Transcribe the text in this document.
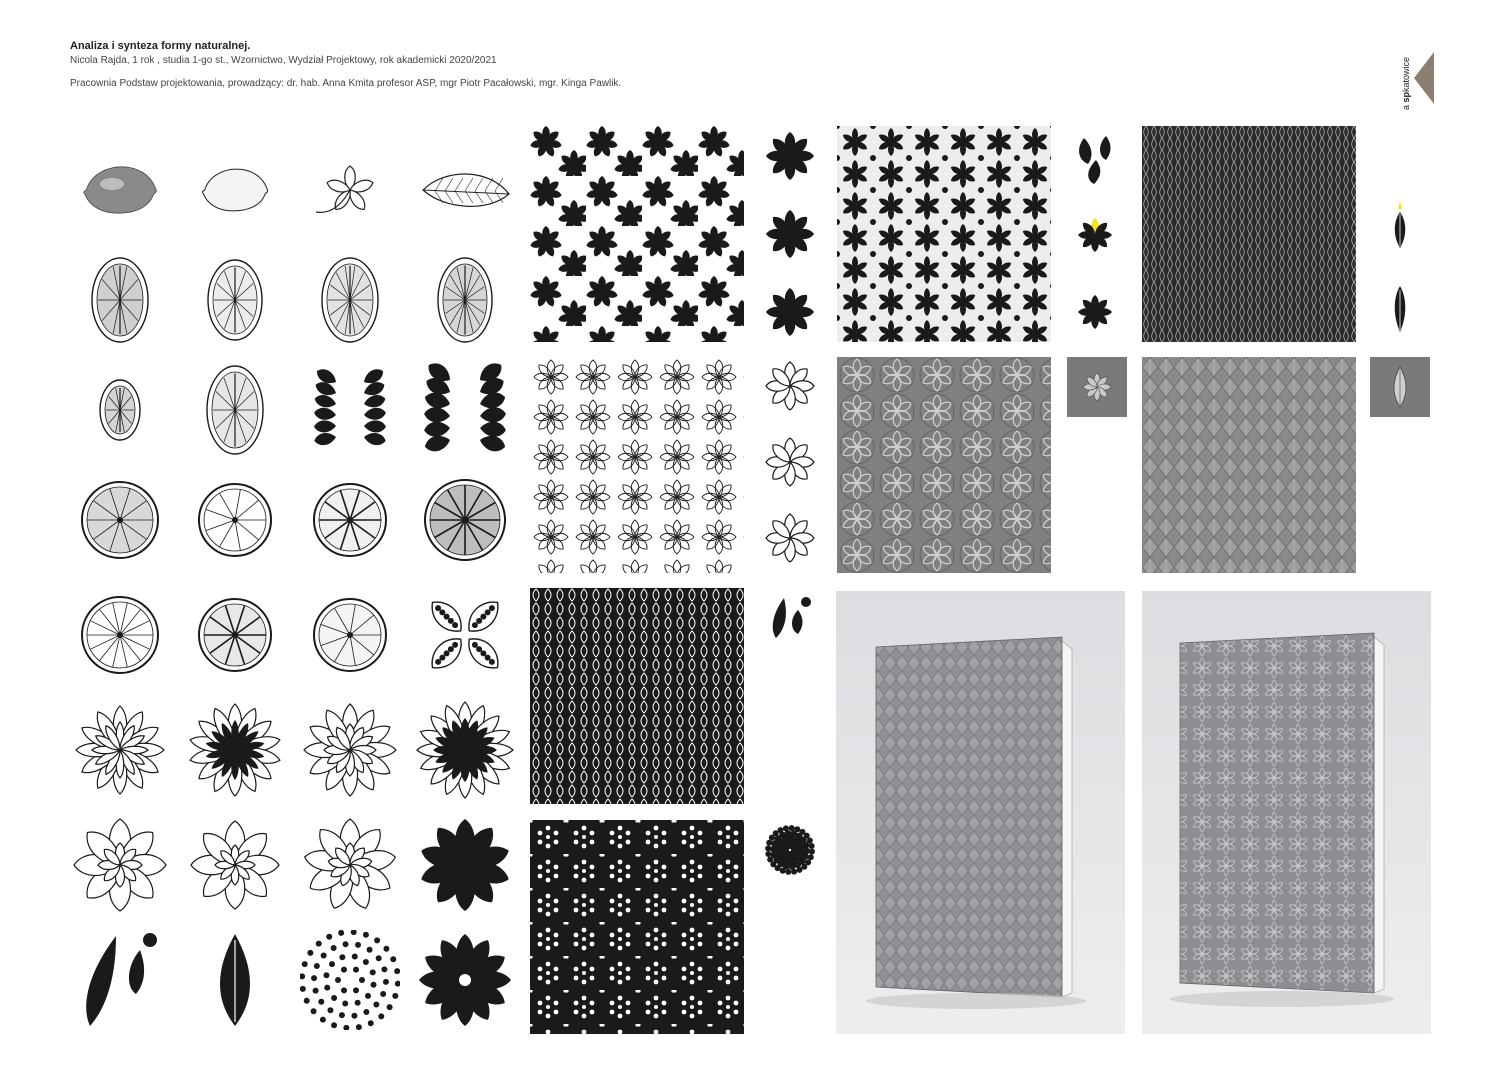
Analiza i synteza formy naturalnej.

Nicola Rajda, 1 rok , studia 1-go st., Wzornictwo, Wydział Projektowy, rok akademicki 2020/2021

Pracownia Podstaw projektowania, prowadzący: dr. hab. Anna Kmita profesor ASP, mgr Piotr Pacałowski, mgr. Kinga Pawlik.

a spkatowice
